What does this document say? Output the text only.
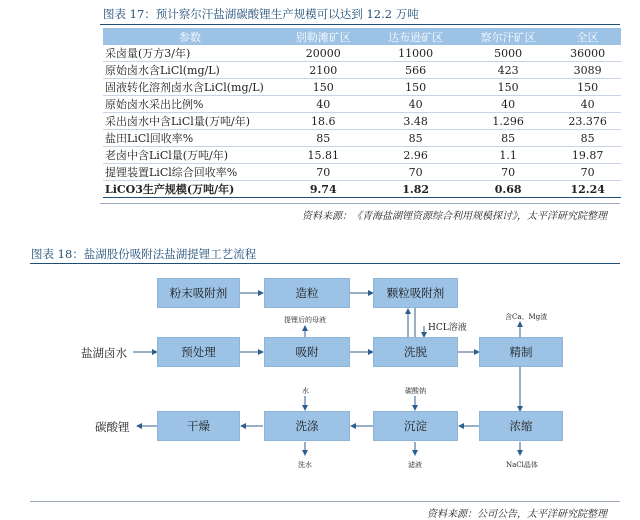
图表 17：预计察尔汗盐湖碳酸锂生产规模可以达到 12.2 万吨
参数	别勒滩矿区	达布逊矿区	察尔汗矿区	全区
采卤量(万方3/年)	20000	11000	5000	36000
原始卤水含LiCl(mg/L)	2100	566	423	3089
固液转化溶剂卤水含LiCl(mg/L)	150	150	150	150
原始卤水采出比例%	40	40	40	40
采出卤水中含LiCl量(万吨/年)	18.6	3.48	1.296	23.376
盐田LiCl回收率%	85	85	85	85
老卤中含LiCl量(万吨/年)	15.81	2.96	1.1	19.87
提锂装置LiCl综合回收率%	70	70	70	70
LiCO3生产规模(万吨/年)	9.74	1.82	0.68	12.24
资料来源：《青海盐湖锂资源综合利用规模探讨》，太平洋研究院整理
图表 18：盐湖股份吸附法盐湖提锂工艺流程
粉末吸附剂	造粒	颗粒吸附剂
预处理	吸附	洗脱	精制
干燥	洗涤	沉淀	浓缩
盐湖卤水
碳酸锂
提锂后的母液
HCL溶液
含Ca、Mg渣
水	碳酸钠
洗水	滤液	NaCl晶体
资料来源：公司公告，太平洋研究院整理
